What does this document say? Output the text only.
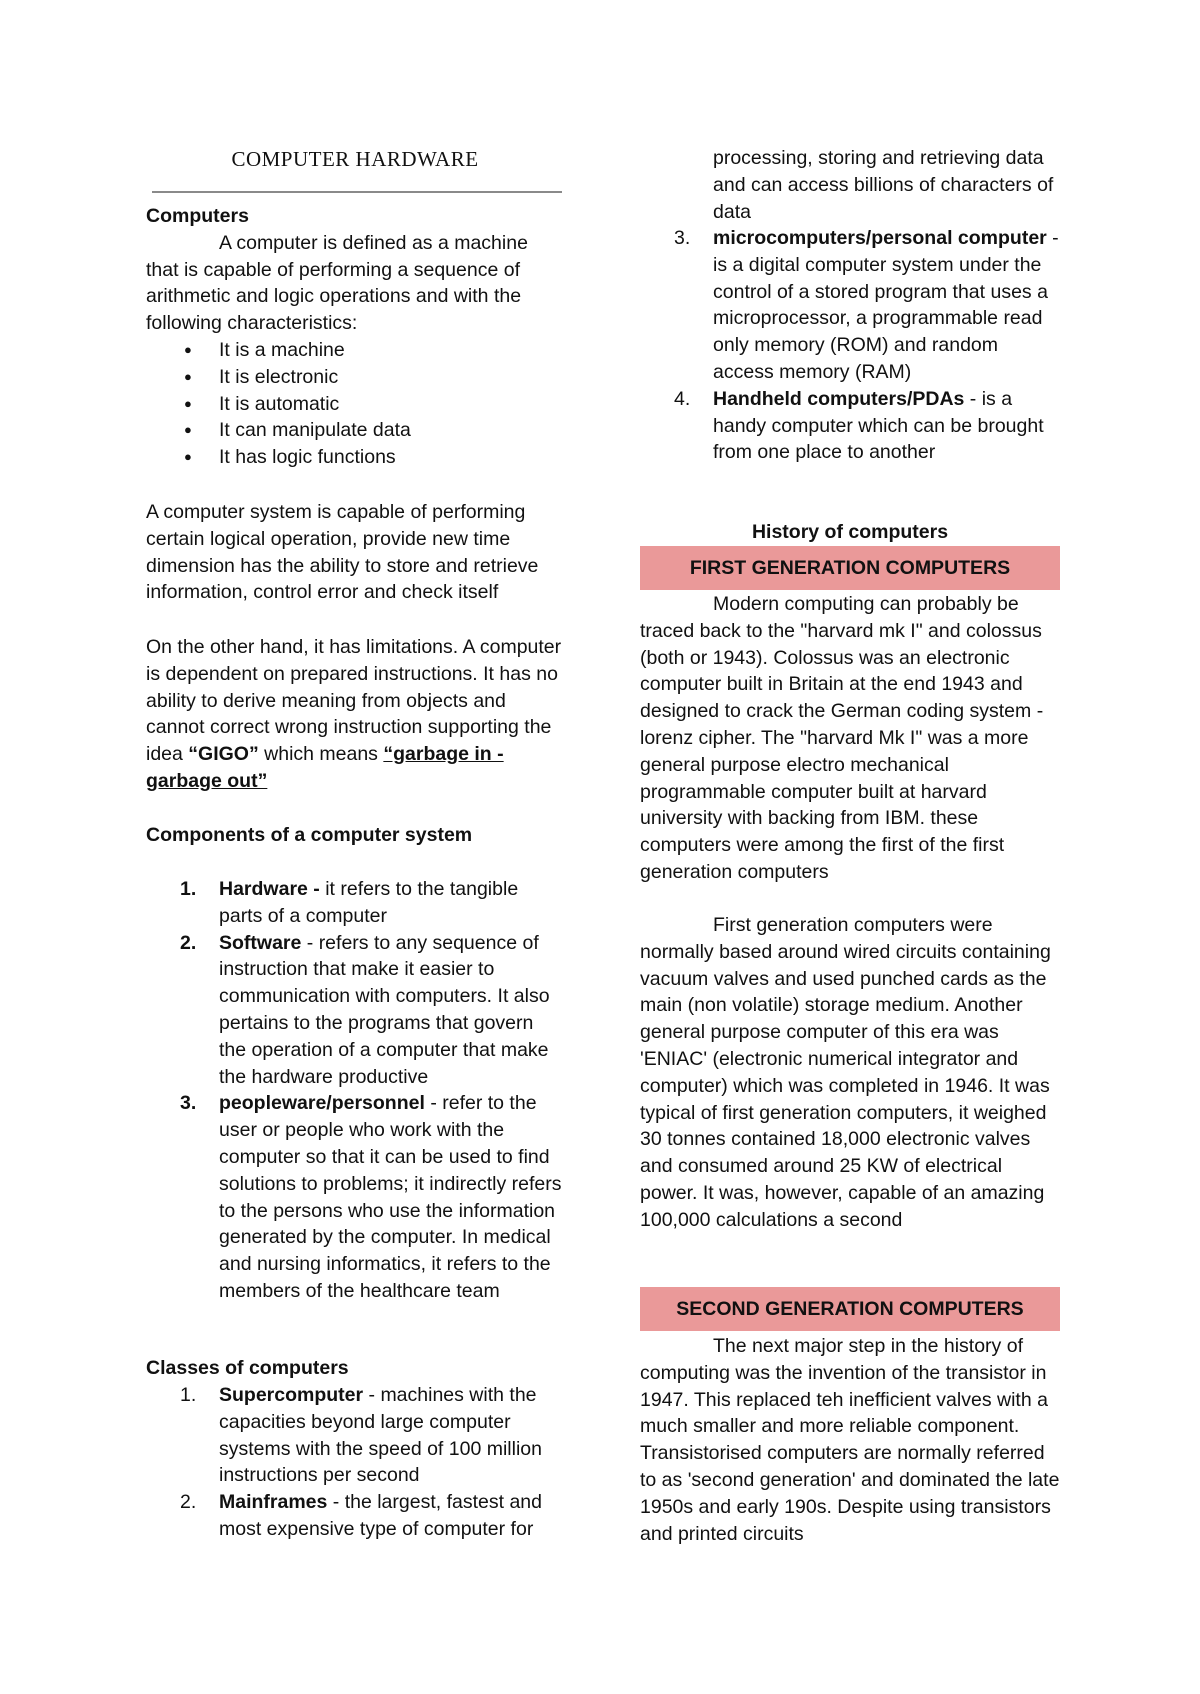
COMPUTER HARDWARE

Computers

A computer is defined as a machine that is capable of performing a sequence of arithmetic and logic operations and with the following characteristics:

● It is a machine
● It is electronic
● It is automatic
● It can manipulate data
● It has logic functions

A computer system is capable of performing certain logical operation, provide new time dimension has the ability to store and retrieve information, control error and check itself

On the other hand, it has limitations. A computer is dependent on prepared instructions. It has no ability to derive meaning from objects and cannot correct wrong instruction supporting the idea “GIGO” which means “garbage in - garbage out”

Components of a computer system

1. Hardware - it refers to the tangible parts of a computer
2. Software - refers to any sequence of instruction that make it easier to communication with computers. It also pertains to the programs that govern the operation of a computer that make the hardware productive
3. peopleware/personnel - refer to the user or people who work with the computer so that it can be used to find solutions to problems; it indirectly refers to the persons who use the information generated by the computer. In medical and nursing informatics, it refers to the members of the healthcare team

Classes of computers

1. Supercomputer - machines with the capacities beyond large computer systems with the speed of 100 million instructions per second
2. Mainframes - the largest, fastest and most expensive type of computer for

processing, storing and retrieving data and can access billions of characters of data

3. microcomputers/personal computer - is a digital computer system under the control of a stored program that uses a microprocessor, a programmable read only memory (ROM) and random access memory (RAM)
4. Handheld computers/PDAs - is a handy computer which can be brought from one place to another

History of computers

FIRST GENERATION COMPUTERS

Modern computing can probably be traced back to the "harvard mk I" and colossus (both or 1943). Colossus was an electronic computer built in Britain at the end 1943 and designed to crack the German coding system - lorenz cipher. The "harvard Mk I" was a more general purpose electro mechanical programmable computer built at harvard university with backing from IBM. these computers were among the first of the first generation computers

First generation computers were normally based around wired circuits containing vacuum valves and used punched cards as the main (non volatile) storage medium. Another general purpose computer of this era was 'ENIAC' (electronic numerical integrator and computer) which was completed in 1946. It was typical of first generation computers, it weighed 30 tonnes contained 18,000 electronic valves and consumed around 25 KW of electrical power. It was, however, capable of an amazing 100,000 calculations a second

SECOND GENERATION COMPUTERS

The next major step in the history of computing was the invention of the transistor in 1947. This replaced teh inefficient valves with a much smaller and more reliable component. Transistorised computers are normally referred to as 'second generation' and dominated the late 1950s and early 190s. Despite using transistors and printed circuits
